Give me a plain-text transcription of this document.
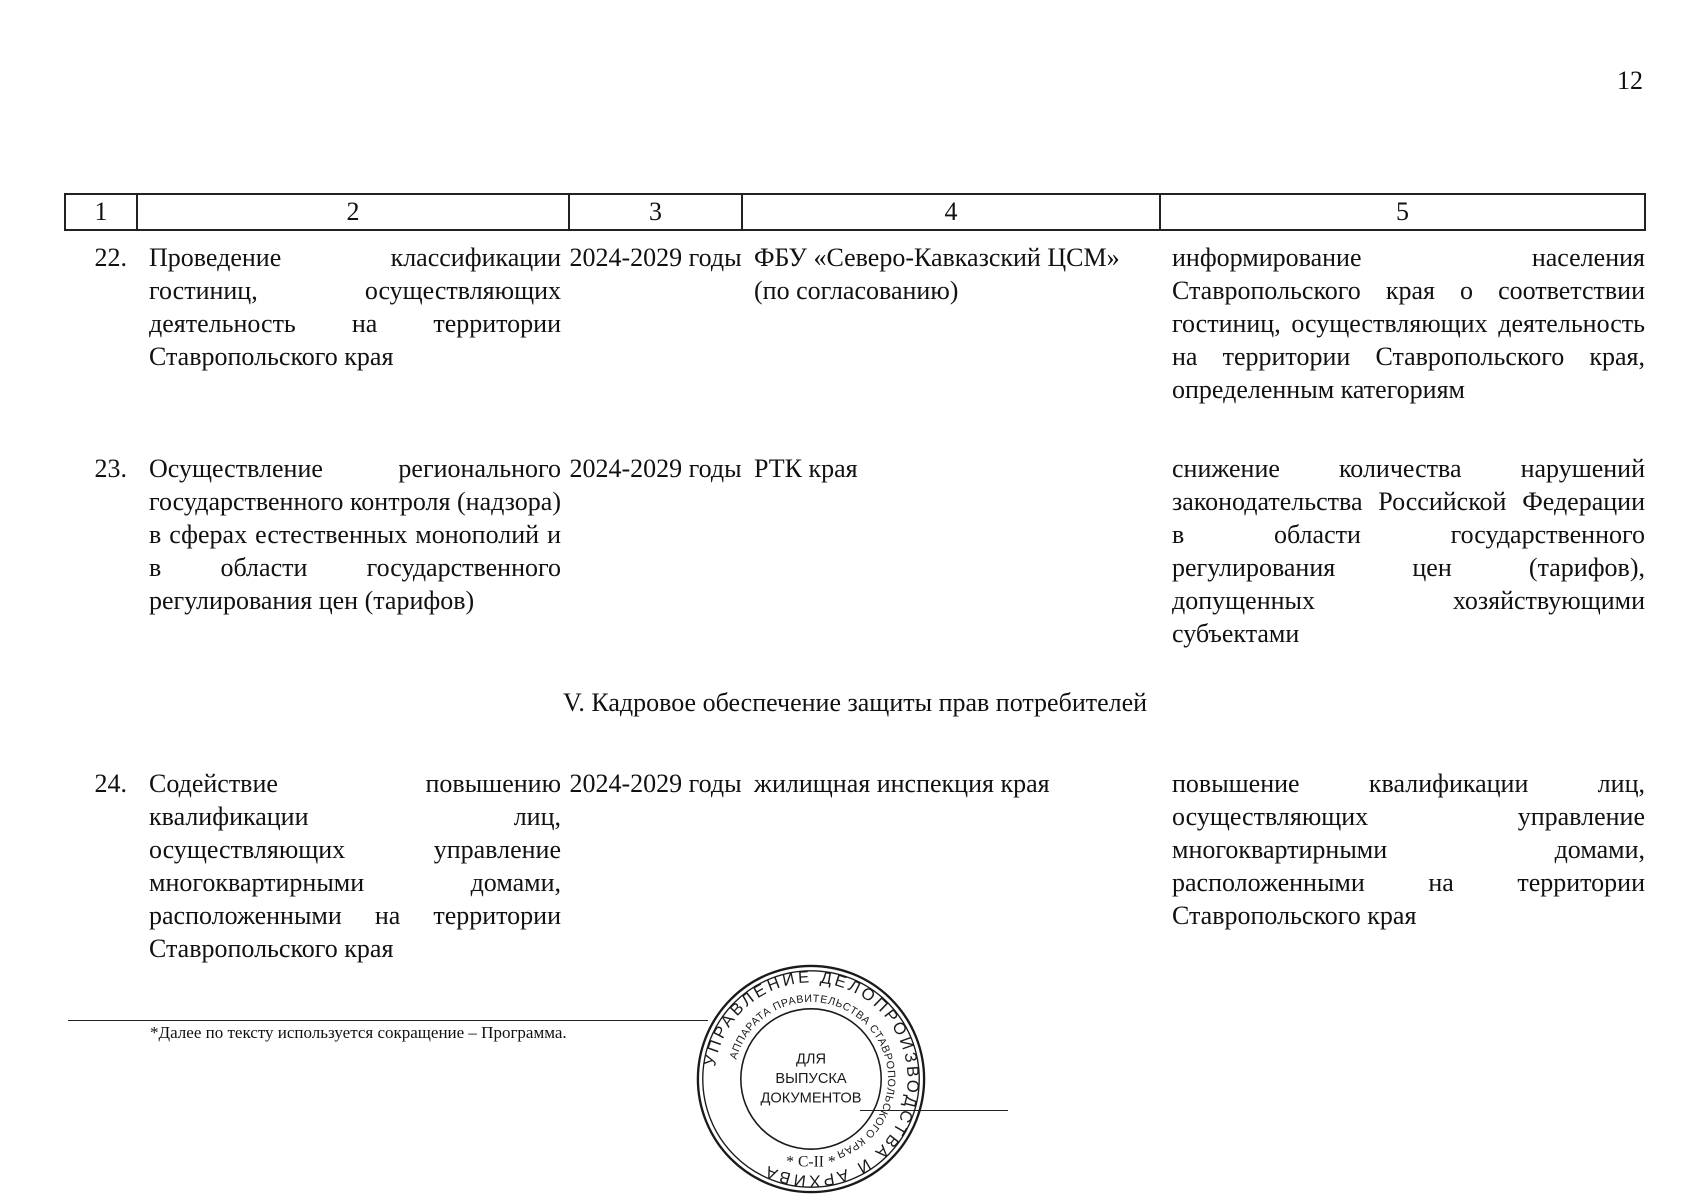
12
1	2	3	4	5
22.	Проведение классификации гостиниц, осуществляющих деятельность на территории Ставропольского края	2024-2029 годы	ФБУ «Северо-Кавказский ЦСМ» (по согласованию)	информирование населения Ставропольского края о соответствии гостиниц, осуществляющих деятельность на территории Ставропольского края, определенным категориям
23.	Осуществление регионального государственного контроля (надзора) в сферах естественных монополий и в области государственного регулирования цен (тарифов)	2024-2029 годы	РТК края	снижение количества нарушений законодательства Российской Федерации в области государственного регулирования цен (тарифов), допущенных хозяйствующими субъектами
V. Кадровое обеспечение защиты прав потребителей				
24.	Содействие повышению квалификации лиц, осуществляющих управление многоквартирными домами, расположенными на территории Ставропольского края	2024-2029 годы	жилищная инспекция края	повышение квалификации лиц, осуществляющих управление многоквартирными домами, расположенными на территории Ставропольского края
*Далее по тексту используется сокращение – Программа.
УПРАВЛЕНИЕ ДЕЛОПРОИЗВОДСТВА И АРХИВА
АППАРАТА ПРАВИТЕЛЬСТВА СТАВРОПОЛЬСКОГО КРАЯ
ДЛЯ
ВЫПУСКА
ДОКУМЕНТОВ
* С-II *
